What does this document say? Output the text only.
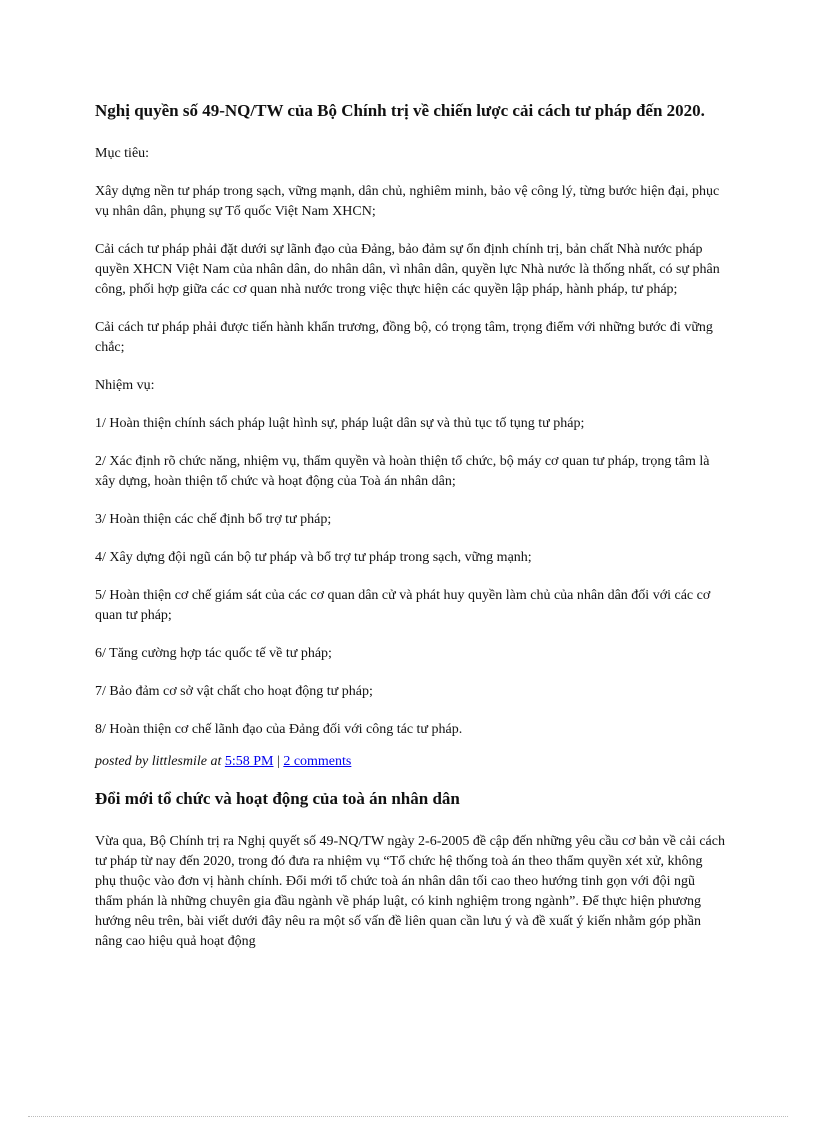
Nghị quyền số 49-NQ/TW của Bộ Chính trị về chiến lược cải cách tư pháp đến 2020.

Mục tiêu:

Xây dựng nền tư pháp trong sạch, vững mạnh, dân chủ, nghiêm minh, bảo vệ công lý, từng bước hiện đại, phục vụ nhân dân, phụng sự Tổ quốc Việt Nam XHCN;

Cải cách tư pháp phải đặt dưới sự lãnh đạo của Đảng, bảo đảm sự ổn định chính trị, bản chất Nhà nước pháp quyền XHCN Việt Nam của nhân dân, do nhân dân, vì nhân dân, quyền lực Nhà nước là thống nhất, có sự phân công, phối hợp giữa các cơ quan nhà nước trong việc thực hiện các quyền lập pháp, hành pháp, tư pháp;

Cải cách tư pháp phải được tiến hành khẩn trương, đồng bộ, có trọng tâm, trọng điểm với những bước đi vững chắc;

Nhiệm vụ:

1/ Hoàn thiện chính sách pháp luật hình sự, pháp luật dân sự và thủ tục tố tụng tư pháp;

2/ Xác định rõ chức năng, nhiệm vụ, thẩm quyền và hoàn thiện tổ chức, bộ máy cơ quan tư pháp, trọng tâm là xây dựng, hoàn thiện tổ chức và hoạt động của Toà án nhân dân;

3/ Hoàn thiện các chế định bổ trợ tư pháp;

4/ Xây dựng đội ngũ cán bộ tư pháp và bổ trợ tư pháp trong sạch, vững mạnh;

5/ Hoàn thiện cơ chế giám sát của các cơ quan dân cử và phát huy quyền làm chủ của nhân dân đối với các cơ quan tư pháp;

6/ Tăng cường hợp tác quốc tế về tư pháp;

7/ Bảo đảm cơ sở vật chất cho hoạt động tư pháp;

8/ Hoàn thiện cơ chế lãnh đạo của Đảng đối với công tác tư pháp.

posted by littlesmile at 5:58 PM | 2 comments
Đổi mới tổ chức và hoạt động của toà án nhân dân

Vừa qua, Bộ Chính trị ra Nghị quyết số 49-NQ/TW ngày 2-6-2005 đề cập đến những yêu cầu cơ bản về cải cách tư pháp từ nay đến 2020, trong đó đưa ra nhiệm vụ “Tổ chức hệ thống toà án theo thẩm quyền xét xử, không phụ thuộc vào đơn vị hành chính. Đổi mới tổ chức toà án nhân dân tối cao theo hướng tinh gọn với đội ngũ thẩm phán là những chuyên gia đầu ngành về pháp luật, có kinh nghiệm trong ngành”. Để thực hiện phương hướng nêu trên, bài viết dưới đây nêu ra một số vấn đề liên quan cần lưu ý và đề xuất ý kiến nhằm góp phần nâng cao hiệu quả hoạt động
